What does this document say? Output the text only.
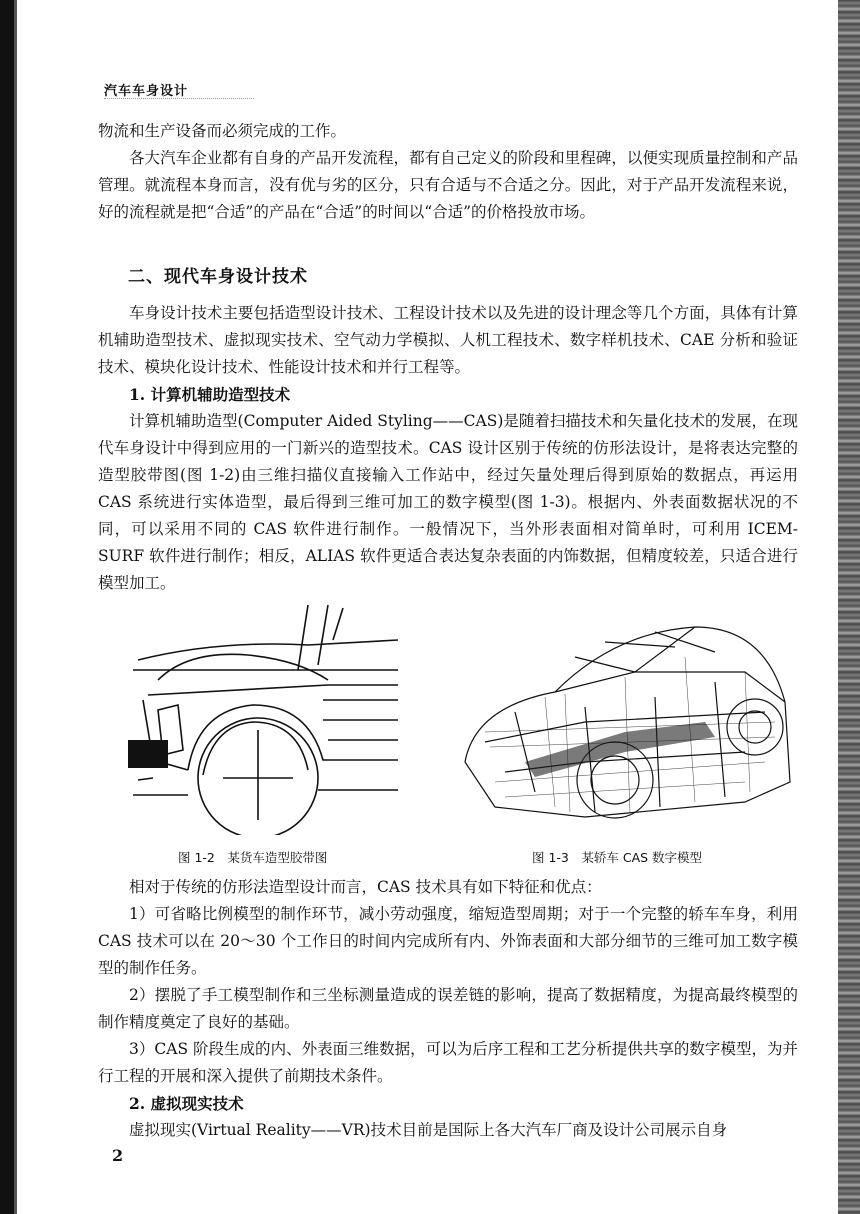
汽车车身设计

物流和生产设备而必须完成的工作。

各大汽车企业都有自身的产品开发流程，都有自己定义的阶段和里程碑，以便实现质量控制和产品管理。就流程本身而言，没有优与劣的区分，只有合适与不合适之分。因此，对于产品开发流程来说，好的流程就是把“合适”的产品在“合适”的时间以“合适”的价格投放市场。

二、现代车身设计技术

车身设计技术主要包括造型设计技术、工程设计技术以及先进的设计理念等几个方面，具体有计算机辅助造型技术、虚拟现实技术、空气动力学模拟、人机工程技术、数字样机技术、CAE 分析和验证技术、模块化设计技术、性能设计技术和并行工程等。

1. 计算机辅助造型技术

计算机辅助造型(Computer Aided Styling——CAS)是随着扫描技术和矢量化技术的发展，在现代车身设计中得到应用的一门新兴的造型技术。CAS 设计区别于传统的仿形法设计，是将表达完整的造型胶带图(图 1-2)由三维扫描仪直接输入工作站中，经过矢量处理后得到原始的数据点，再运用 CAS 系统进行实体造型，最后得到三维可加工的数字模型(图 1-3)。根据内、外表面数据状况的不同，可以采用不同的 CAS 软件进行制作。一般情况下，当外形表面相对简单时，可利用 ICEM-SURF 软件进行制作；相反，ALIAS 软件更适合表达复杂表面的内饰数据，但精度较差，只适合进行模型加工。

图 1-2　某货车造型胶带图	图 1-3　某轿车 CAS 数字模型

相对于传统的仿形法造型设计而言，CAS 技术具有如下特征和优点：

1）可省略比例模型的制作环节，减小劳动强度，缩短造型周期；对于一个完整的轿车车身，利用 CAS 技术可以在 20～30 个工作日的时间内完成所有内、外饰表面和大部分细节的三维可加工数字模型的制作任务。

2）摆脱了手工模型制作和三坐标测量造成的误差链的影响，提高了数据精度，为提高最终模型的制作精度奠定了良好的基础。

3）CAS 阶段生成的内、外表面三维数据，可以为后序工程和工艺分析提供共享的数字模型，为并行工程的开展和深入提供了前期技术条件。

2. 虚拟现实技术

虚拟现实(Virtual Reality——VR)技术目前是国际上各大汽车厂商及设计公司展示自身

2
